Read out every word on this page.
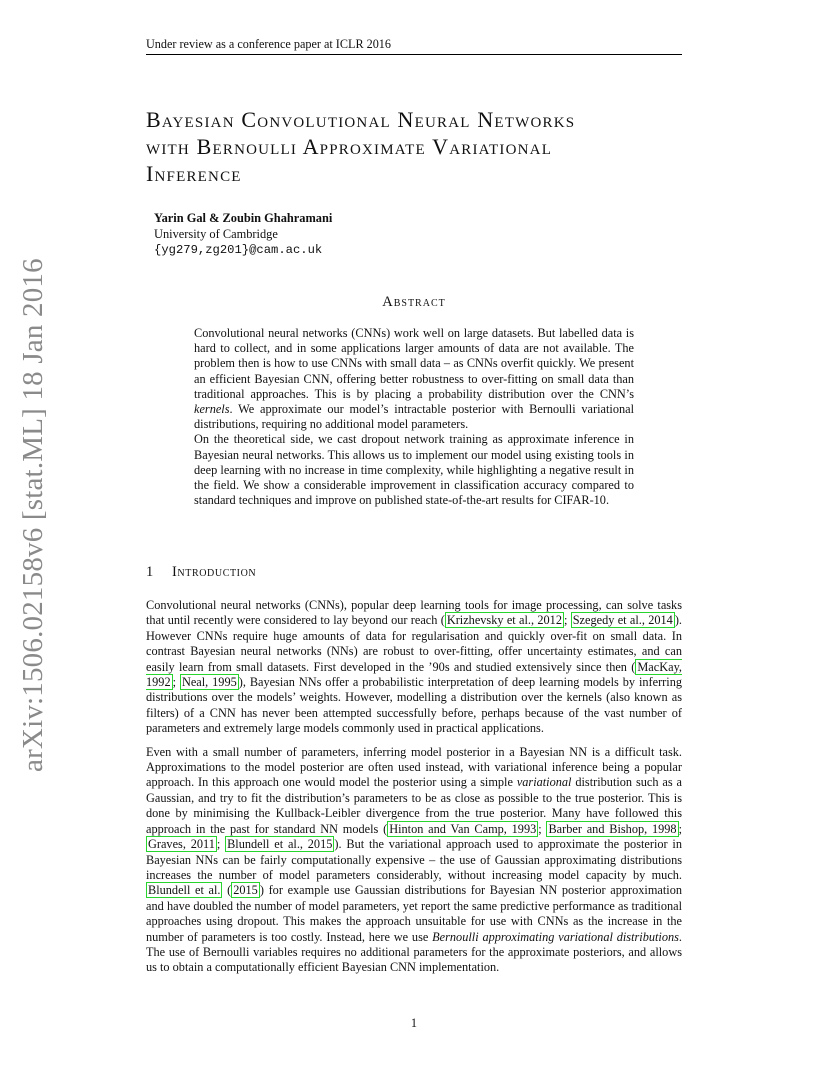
Under review as a conference paper at ICLR 2016
arXiv:1506.02158v6 [stat.ML] 18 Jan 2016
Bayesian Convolutional Neural Networks
with Bernoulli Approximate Variational
Inference
Yarin Gal & Zoubin Ghahramani
University of Cambridge
{yg279,zg201}@cam.ac.uk
Abstract

Convolutional neural networks (CNNs) work well on large datasets. But labelled data is hard to collect, and in some applications larger amounts of data are not available. The problem then is how to use CNNs with small data – as CNNs overfit quickly. We present an efficient Bayesian CNN, offering better robustness to over-fitting on small data than traditional approaches. This is by placing a probability distribution over the CNN’s kernels. We approximate our model’s intractable posterior with Bernoulli variational distributions, requiring no additional model parameters.

On the theoretical side, we cast dropout network training as approximate inference in Bayesian neural networks. This allows us to implement our model using existing tools in deep learning with no increase in time complexity, while highlighting a negative result in the field. We show a considerable improvement in classification accuracy compared to standard techniques and improve on published state-of-the-art results for CIFAR-10.

1 Introduction

Convolutional neural networks (CNNs), popular deep learning tools for image processing, can solve tasks that until recently were considered to lay beyond our reach ( Krizhevsky et al., 2012 ; Szegedy et al., 2014 ). However CNNs require huge amounts of data for regularisation and quickly over-fit on small data. In contrast Bayesian neural networks (NNs) are robust to over-fitting, offer uncertainty estimates, and can easily learn from small datasets. First developed in the ’90s and studied extensively since then ( MacKay, 1992 ; Neal, 1995 ), Bayesian NNs offer a probabilistic interpretation of deep learning models by inferring distributions over the models’ weights. However, modelling a distribution over the kernels (also known as filters) of a CNN has never been attempted successfully before, perhaps because of the vast number of parameters and extremely large models commonly used in practical applications.

Even with a small number of parameters, inferring model posterior in a Bayesian NN is a difficult task. Approximations to the model posterior are often used instead, with variational inference being a popular approach. In this approach one would model the posterior using a simple variational distribution such as a Gaussian, and try to fit the distribution’s parameters to be as close as possible to the true posterior. This is done by minimising the Kullback-Leibler divergence from the true posterior. Many have followed this approach in the past for standard NN models ( Hinton and Van Camp, 1993 ; Barber and Bishop, 1998 ; Graves, 2011 ; Blundell et al., 2015 ). But the variational approach used to approximate the posterior in Bayesian NNs can be fairly computationally expensive – the use of Gaussian approximating distributions increases the number of model parameters considerably, without increasing model capacity by much. Blundell et al. ( 2015 ) for example use Gaussian distributions for Bayesian NN posterior approximation and have doubled the number of model parameters, yet report the same predictive performance as traditional approaches using dropout. This makes the approach unsuitable for use with CNNs as the increase in the number of parameters is too costly. Instead, here we use Bernoulli approximating variational distributions. The use of Bernoulli variables requires no additional parameters for the approximate posteriors, and allows us to obtain a computationally efficient Bayesian CNN implementation.

1
